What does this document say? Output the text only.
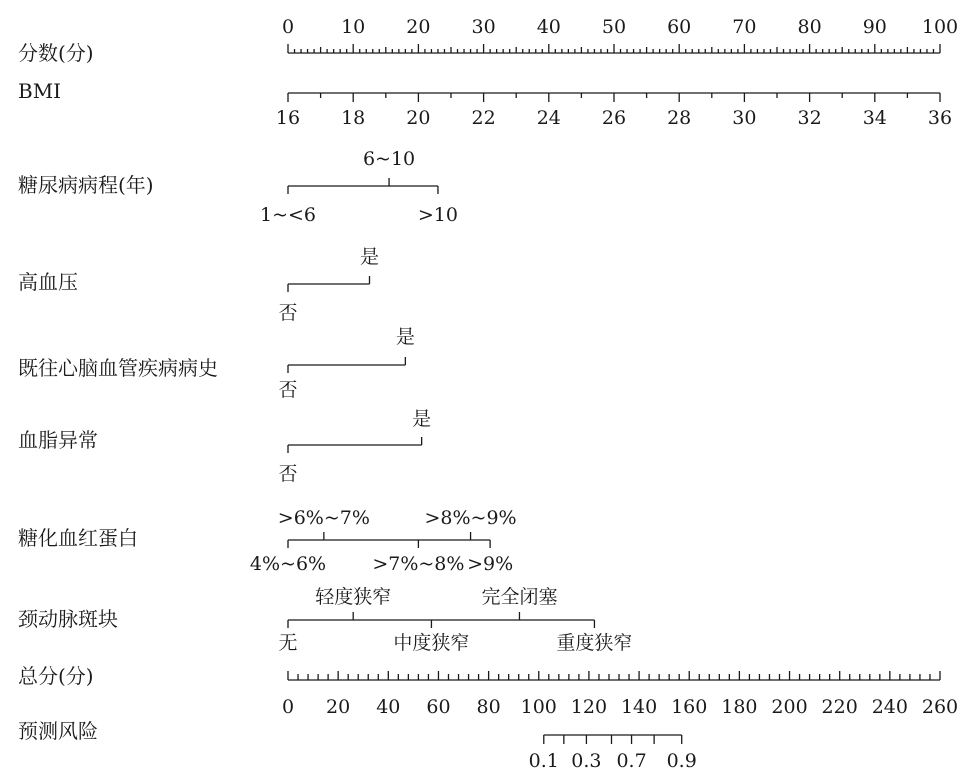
分数(分)
BMI
糖尿病病程(年)
高血压
既往心脑血管疾病病史
血脂异常
糖化血红蛋白
颈动脉斑块
总分(分)
预测风险
0 10 20 30 40 50 60 70 80 90 100
16 18 20 22 24 26 28 30 32 34 36
1~<6
6~10
>10
否
是
否
是
否
是
4%~6%
>6%~7%
>7%~8%
>8%~9%
>9%
无
轻度狭窄
中度狭窄
完全闭塞
重度狭窄
0 20 40 60 80 100 120 140 160 180 200 220 240 260
0.1 0.3 0.7 0.9
